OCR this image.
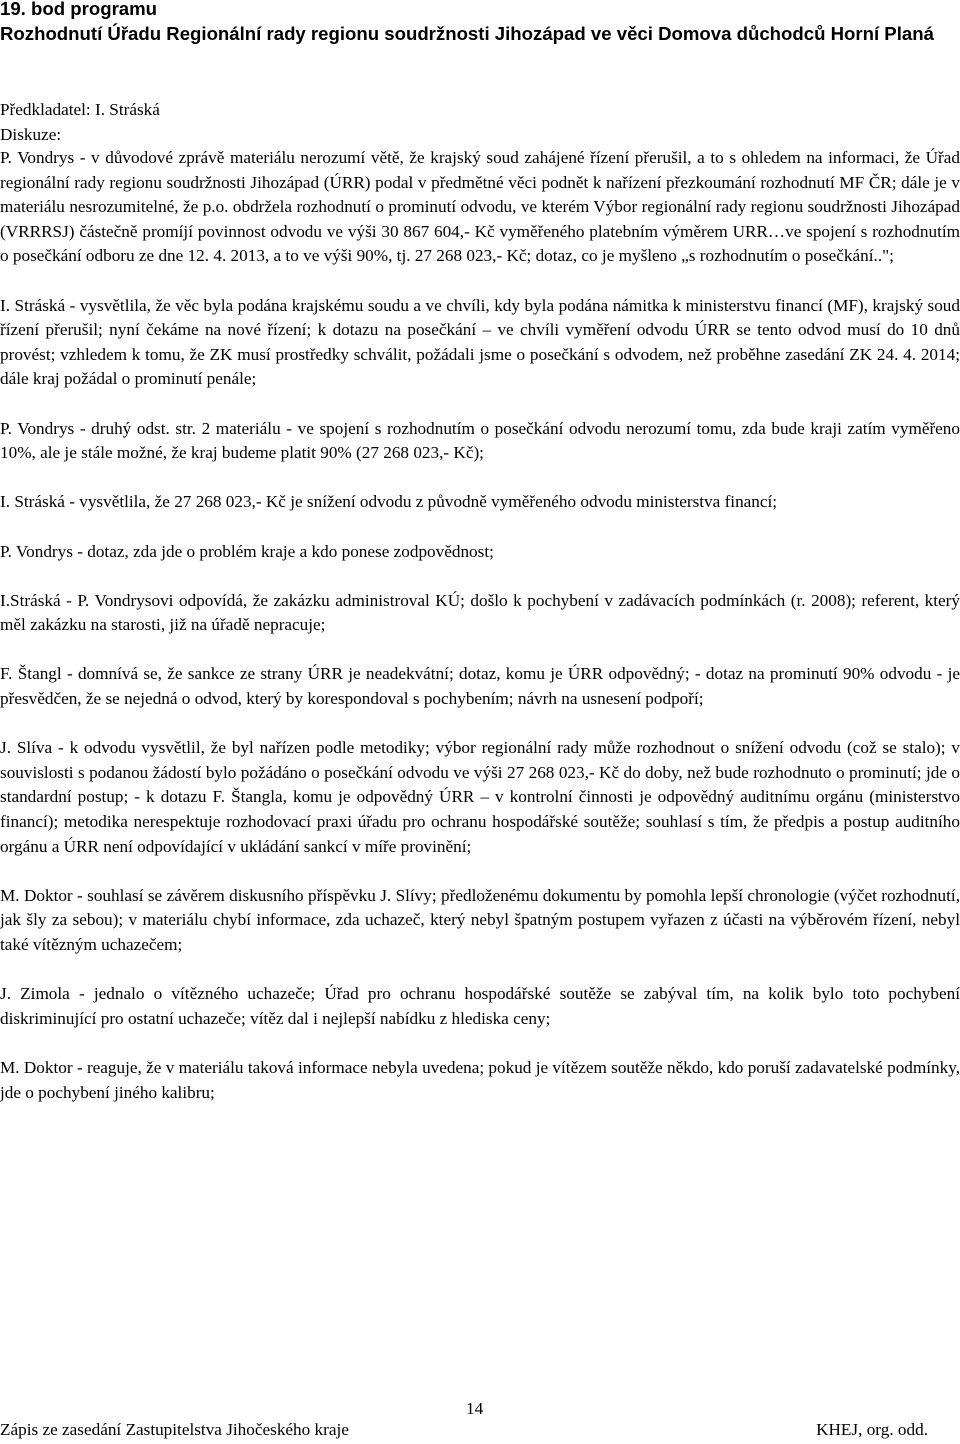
19. bod programu
Rozhodnutí Úřadu Regionální rady regionu soudržnosti Jihozápad ve věci Domova důchodců Horní Planá
Předkladatel: I. Stráská
Diskuze:

P. Vondrys - v důvodové zprávě materiálu nerozumí větě, že krajský soud zahájené řízení přerušil, a to s ohledem na informaci, že Úřad regionální rady regionu soudržnosti Jihozápad (ÚRR) podal v předmětné věci podnět k nařízení přezkoumání rozhodnutí MF ČR; dále je v materiálu nesrozumitelné, že p.o. obdržela rozhodnutí o prominutí odvodu, ve kterém Výbor regionální rady regionu soudržnosti Jihozápad (VRRRSJ) částečně promíjí povinnost odvodu ve výši 30 867 604,- Kč vyměřeného platebním výměrem URR…ve spojení s rozhodnutím o posečkání odboru ze dne 12. 4. 2013, a to ve výši 90%, tj. 27 268 023,- Kč; dotaz, co je myšleno „s rozhodnutím o posečkání..";

I. Stráská - vysvětlila, že věc byla podána krajskému soudu a ve chvíli, kdy byla podána námitka k ministerstvu financí (MF), krajský soud řízení přerušil; nyní čekáme na nové řízení; k dotazu na posečkání – ve chvíli vyměření odvodu ÚRR se tento odvod musí do 10 dnů provést; vzhledem k tomu, že ZK musí prostředky schválit, požádali jsme o posečkání s odvodem, než proběhne zasedání ZK 24. 4. 2014; dále kraj požádal o prominutí penále;

P. Vondrys - druhý odst. str. 2 materiálu - ve spojení s rozhodnutím o posečkání odvodu nerozumí tomu, zda bude kraji zatím vyměřeno 10%, ale je stále možné, že kraj budeme platit 90% (27 268 023,- Kč);

I. Stráská - vysvětlila, že 27 268 023,- Kč je snížení odvodu z původně vyměřeného odvodu ministerstva financí;

P. Vondrys - dotaz, zda jde o problém kraje a kdo ponese zodpovědnost;

I.Stráská - P. Vondrysovi odpovídá, že zakázku administroval KÚ; došlo k pochybení v zadávacích podmínkách (r. 2008); referent, který měl zakázku na starosti, již na úřadě nepracuje;

F. Štangl - domnívá se, že sankce ze strany ÚRR je neadekvátní; dotaz, komu je ÚRR odpovědný; - dotaz na prominutí 90% odvodu - je přesvědčen, že se nejedná o odvod, který by korespondoval s pochybením; návrh na usnesení podpoří;

J. Slíva - k odvodu vysvětlil, že byl nařízen podle metodiky; výbor regionální rady může rozhodnout o snížení odvodu (což se stalo); v souvislosti s podanou žádostí bylo požádáno o posečkání odvodu ve výši 27 268 023,- Kč do doby, než bude rozhodnuto o prominutí; jde o standardní postup; - k dotazu F. Štangla, komu je odpovědný ÚRR – v kontrolní činnosti je odpovědný auditnímu orgánu (ministerstvo financí); metodika nerespektuje rozhodovací praxi úřadu pro ochranu hospodářské soutěže; souhlasí s tím, že předpis a postup auditního orgánu a ÚRR není odpovídající v ukládání sankcí v míře provinění;

M. Doktor - souhlasí se závěrem diskusního příspěvku J. Slívy; předloženému dokumentu by pomohla lepší chronologie (výčet rozhodnutí, jak šly za sebou); v materiálu chybí informace, zda uchazeč, který nebyl špatným postupem vyřazen z účasti na výběrovém řízení, nebyl také vítězným uchazečem;

J. Zimola - jednalo o vítězného uchazeče; Úřad pro ochranu hospodářské soutěže se zabýval tím, na kolik bylo toto pochybení diskriminující pro ostatní uchazeče; vítěz dal i nejlepší nabídku z hlediska ceny;

M. Doktor - reaguje, že v materiálu taková informace nebyla uvedena; pokud je vítězem soutěže někdo, kdo poruší zadavatelské podmínky, jde o pochybení jiného kalibru;

14
Zápis ze zasedání Zastupitelstva Jihočeského kraje	KHEJ, org. odd.
